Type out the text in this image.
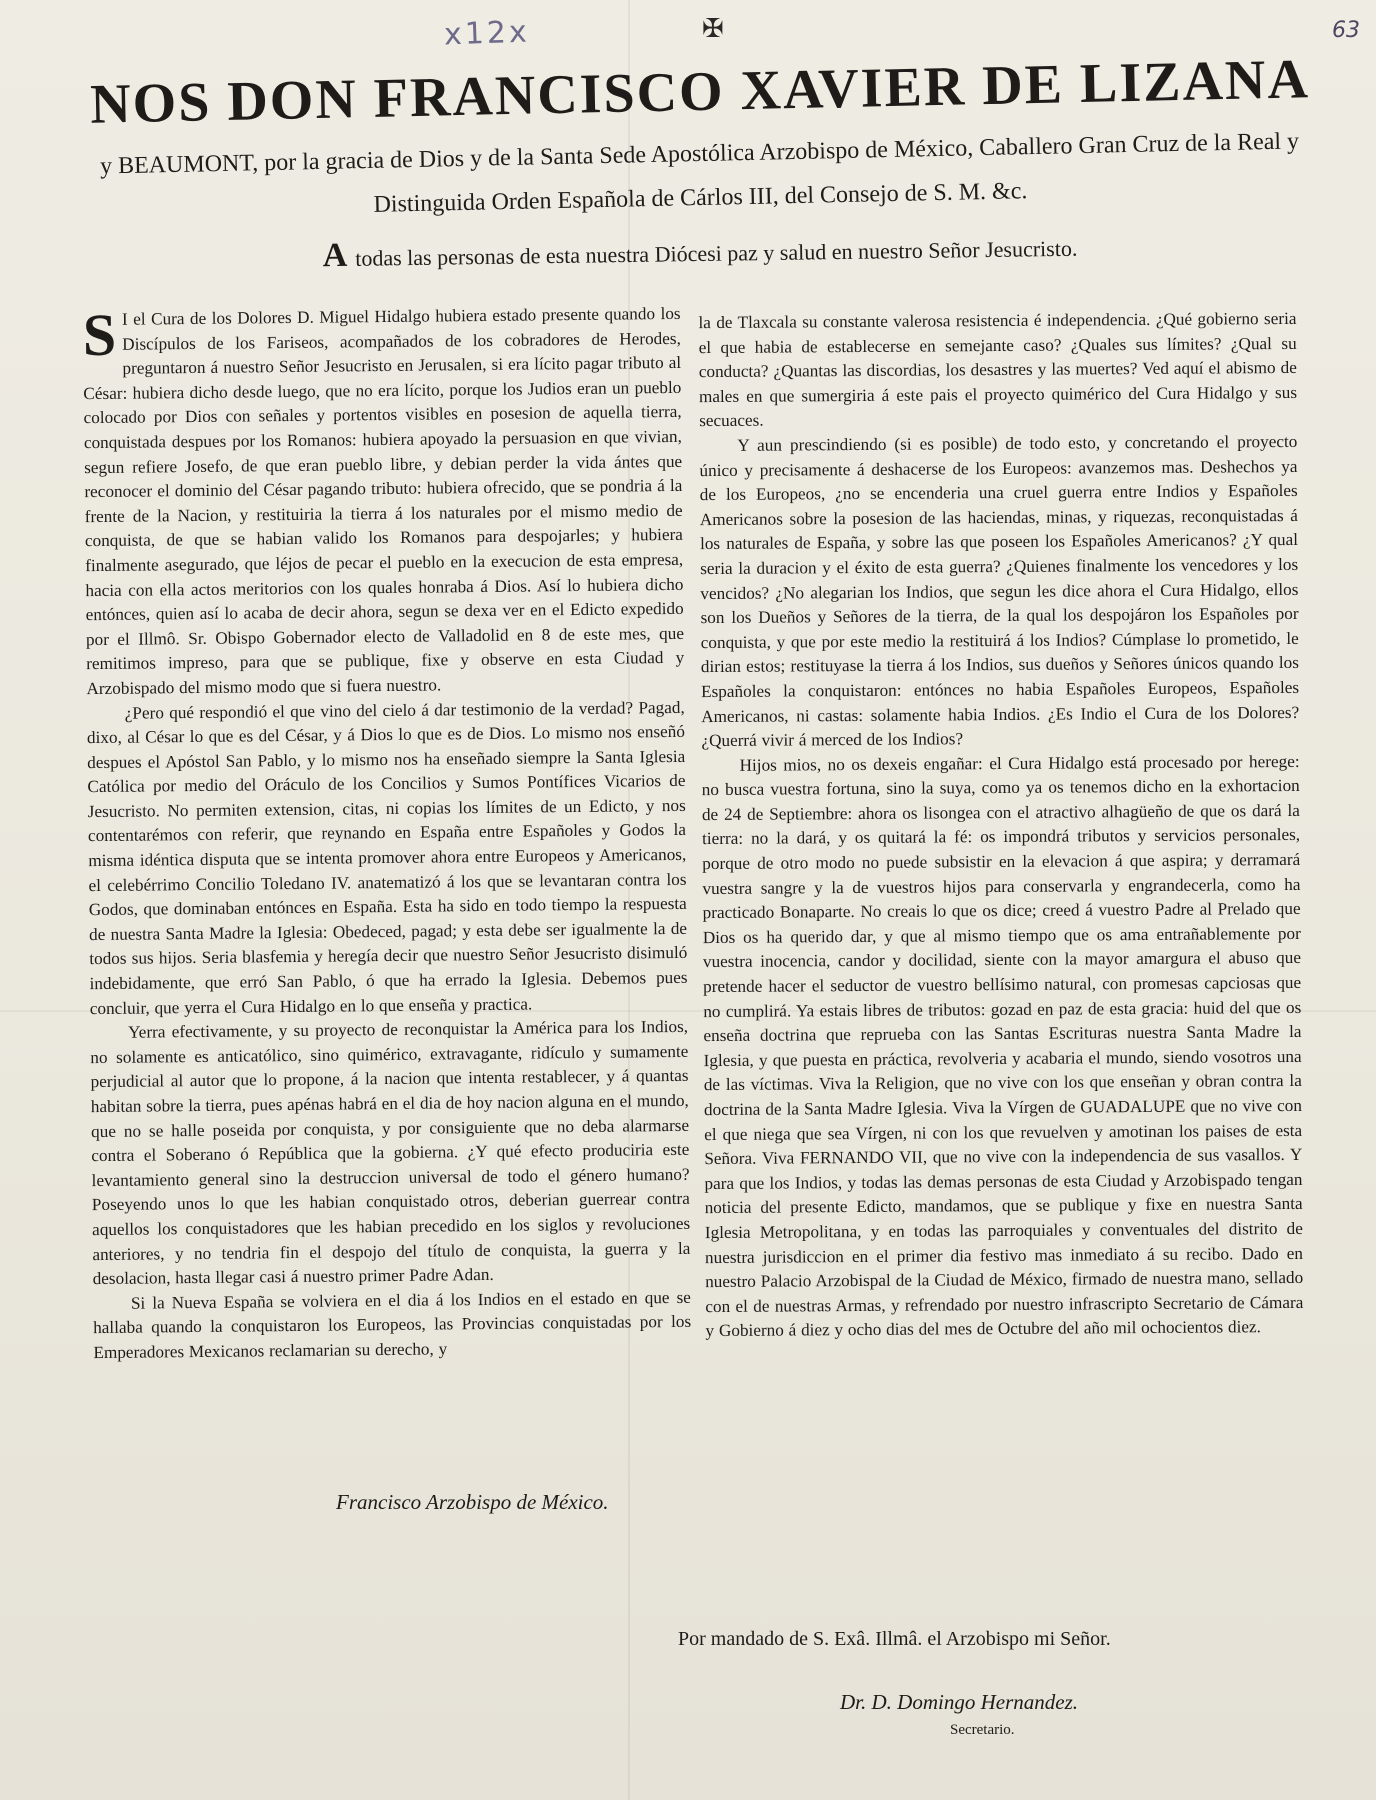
x12x	✠	63
NOS DON FRANCISCO XAVIER DE LIZANA

y BEAUMONT, por la gracia de Dios y de la Santa Sede Apostólica Arzobispo de México, Caballero Gran Cruz de la Real y Distinguida Orden Española de Cárlos III, del Consejo de S. M. &c.

Atodas las personas de esta nuestra Diócesi paz y salud en nuestro Señor Jesucristo.

S I el Cura de los Dolores D. Miguel Hidalgo hubiera estado presente quando los Discípulos de los Fariseos, acompañados de los cobradores de Herodes, preguntaron á nuestro Señor Jesucristo en Jerusalen, si era lícito pagar tributo al César: hubiera dicho desde luego, que no era lícito, porque los Judios eran un pueblo colocado por Dios con señales y portentos visibles en posesion de aquella tierra, conquistada despues por los Romanos: hubiera apoyado la persuasion en que vivian, segun refiere Josefo, de que eran pueblo libre, y debian perder la vida ántes que reconocer el dominio del César pagando tributo: hubiera ofrecido, que se pondria á la frente de la Nacion, y restituiria la tierra á los naturales por el mismo medio de conquista, de que se habian valido los Romanos para despojarles; y hubiera finalmente asegurado, que léjos de pecar el pueblo en la execucion de esta empresa, hacia con ella actos meritorios con los quales honraba á Dios. Así lo hubiera dicho entónces, quien así lo acaba de decir ahora, segun se dexa ver en el Edicto expedido por el Illmô. Sr. Obispo Gobernador electo de Valladolid en 8 de este mes, que remitimos impreso, para que se publique, fixe y observe en esta Ciudad y Arzobispado del mismo modo que si fuera nuestro.

¿Pero qué respondió el que vino del cielo á dar testimonio de la verdad? Pagad, dixo, al César lo que es del César, y á Dios lo que es de Dios. Lo mismo nos enseñó despues el Apóstol San Pablo, y lo mismo nos ha enseñado siempre la Santa Iglesia Católica por medio del Oráculo de los Concilios y Sumos Pontífices Vicarios de Jesucristo. No permiten extension, citas, ni copias los límites de un Edicto, y nos contentarémos con referir, que reynando en España entre Españoles y Godos la misma idéntica disputa que se intenta promover ahora entre Europeos y Americanos, el celebérrimo Concilio Toledano IV. anatematizó á los que se levantaran contra los Godos, que dominaban entónces en España. Esta ha sido en todo tiempo la respuesta de nuestra Santa Madre la Iglesia: Obedeced, pagad; y esta debe ser igualmente la de todos sus hijos. Seria blasfemia y heregía decir que nuestro Señor Jesucristo disimuló indebidamente, que erró San Pablo, ó que ha errado la Iglesia. Debemos pues concluir, que yerra el Cura Hidalgo en lo que enseña y practica.

Yerra efectivamente, y su proyecto de reconquistar la América para los Indios, no solamente es anticatólico, sino quimérico, extravagante, ridículo y sumamente perjudicial al autor que lo propone, á la nacion que intenta restablecer, y á quantas habitan sobre la tierra, pues apénas habrá en el dia de hoy nacion alguna en el mundo, que no se halle poseida por conquista, y por consiguiente que no deba alarmarse contra el Soberano ó República que la gobierna. ¿Y qué efecto produciria este levantamiento general sino la destruccion universal de todo el género humano? Poseyendo unos lo que les habian conquistado otros, deberian guerrear contra aquellos los conquistadores que les habian precedido en los siglos y revoluciones anteriores, y no tendria fin el despojo del título de conquista, la guerra y la desolacion, hasta llegar casi á nuestro primer Padre Adan.

Si la Nueva España se volviera en el dia á los Indios en el estado en que se hallaba quando la conquistaron los Europeos, las Provincias conquistadas por los Emperadores Mexicanos reclamarian su derecho, y

la de Tlaxcala su constante valerosa resistencia é independencia. ¿Qué gobierno seria el que habia de establecerse en semejante caso? ¿Quales sus límites? ¿Qual su conducta? ¿Quantas las discordias, los desastres y las muertes? Ved aquí el abismo de males en que sumergiria á este pais el proyecto quimérico del Cura Hidalgo y sus secuaces.

Y aun prescindiendo (si es posible) de todo esto, y concretando el proyecto único y precisamente á deshacerse de los Europeos: avanzemos mas. Deshechos ya de los Europeos, ¿no se encenderia una cruel guerra entre Indios y Españoles Americanos sobre la posesion de las haciendas, minas, y riquezas, reconquistadas á los naturales de España, y sobre las que poseen los Españoles Americanos? ¿Y qual seria la duracion y el éxito de esta guerra? ¿Quienes finalmente los vencedores y los vencidos? ¿No alegarian los Indios, que segun les dice ahora el Cura Hidalgo, ellos son los Dueños y Señores de la tierra, de la qual los despojáron los Españoles por conquista, y que por este medio la restituirá á los Indios? Cúmplase lo prometido, le dirian estos; restituyase la tierra á los Indios, sus dueños y Señores únicos quando los Españoles la conquistaron: entónces no habia Españoles Europeos, Españoles Americanos, ni castas: solamente habia Indios. ¿Es Indio el Cura de los Dolores? ¿Querrá vivir á merced de los Indios?

Hijos mios, no os dexeis engañar: el Cura Hidalgo está procesado por herege: no busca vuestra fortuna, sino la suya, como ya os tenemos dicho en la exhortacion de 24 de Septiembre: ahora os lisongea con el atractivo alhagüeño de que os dará la tierra: no la dará, y os quitará la fé: os impondrá tributos y servicios personales, porque de otro modo no puede subsistir en la elevacion á que aspira; y derramará vuestra sangre y la de vuestros hijos para conservarla y engrandecerla, como ha practicado Bonaparte. No creais lo que os dice; creed á vuestro Padre al Prelado que Dios os ha querido dar, y que al mismo tiempo que os ama entrañablemente por vuestra inocencia, candor y docilidad, siente con la mayor amargura el abuso que pretende hacer el seductor de vuestro bellísimo natural, con promesas capciosas que no cumplirá. Ya estais libres de tributos: gozad en paz de esta gracia: huid del que os enseña doctrina que reprueba con las Santas Escrituras nuestra Santa Madre la Iglesia, y que puesta en práctica, revolveria y acabaria el mundo, siendo vosotros una de las víctimas. Viva la Religion, que no vive con los que enseñan y obran contra la doctrina de la Santa Madre Iglesia. Viva la Vírgen de GUADALUPE que no vive con el que niega que sea Vírgen, ni con los que revuelven y amotinan los paises de esta Señora. Viva FERNANDO VII, que no vive con la independencia de sus vasallos. Y para que los Indios, y todas las demas personas de esta Ciudad y Arzobispado tengan noticia del presente Edicto, mandamos, que se publique y fixe en nuestra Santa Iglesia Metropolitana, y en todas las parroquiales y conventuales del distrito de nuestra jurisdiccion en el primer dia festivo mas inmediato á su recibo. Dado en nuestro Palacio Arzobispal de la Ciudad de México, firmado de nuestra mano, sellado con el de nuestras Armas, y refrendado por nuestro infrascripto Secretario de Cámara y Gobierno á diez y ocho dias del mes de Octubre del año mil ochocientos diez.

Francisco Arzobispo de México.
Por mandado de S. Exâ. Illmâ. el Arzobispo mi Señor.
Dr. D. Domingo Hernandez.
Secretario.
